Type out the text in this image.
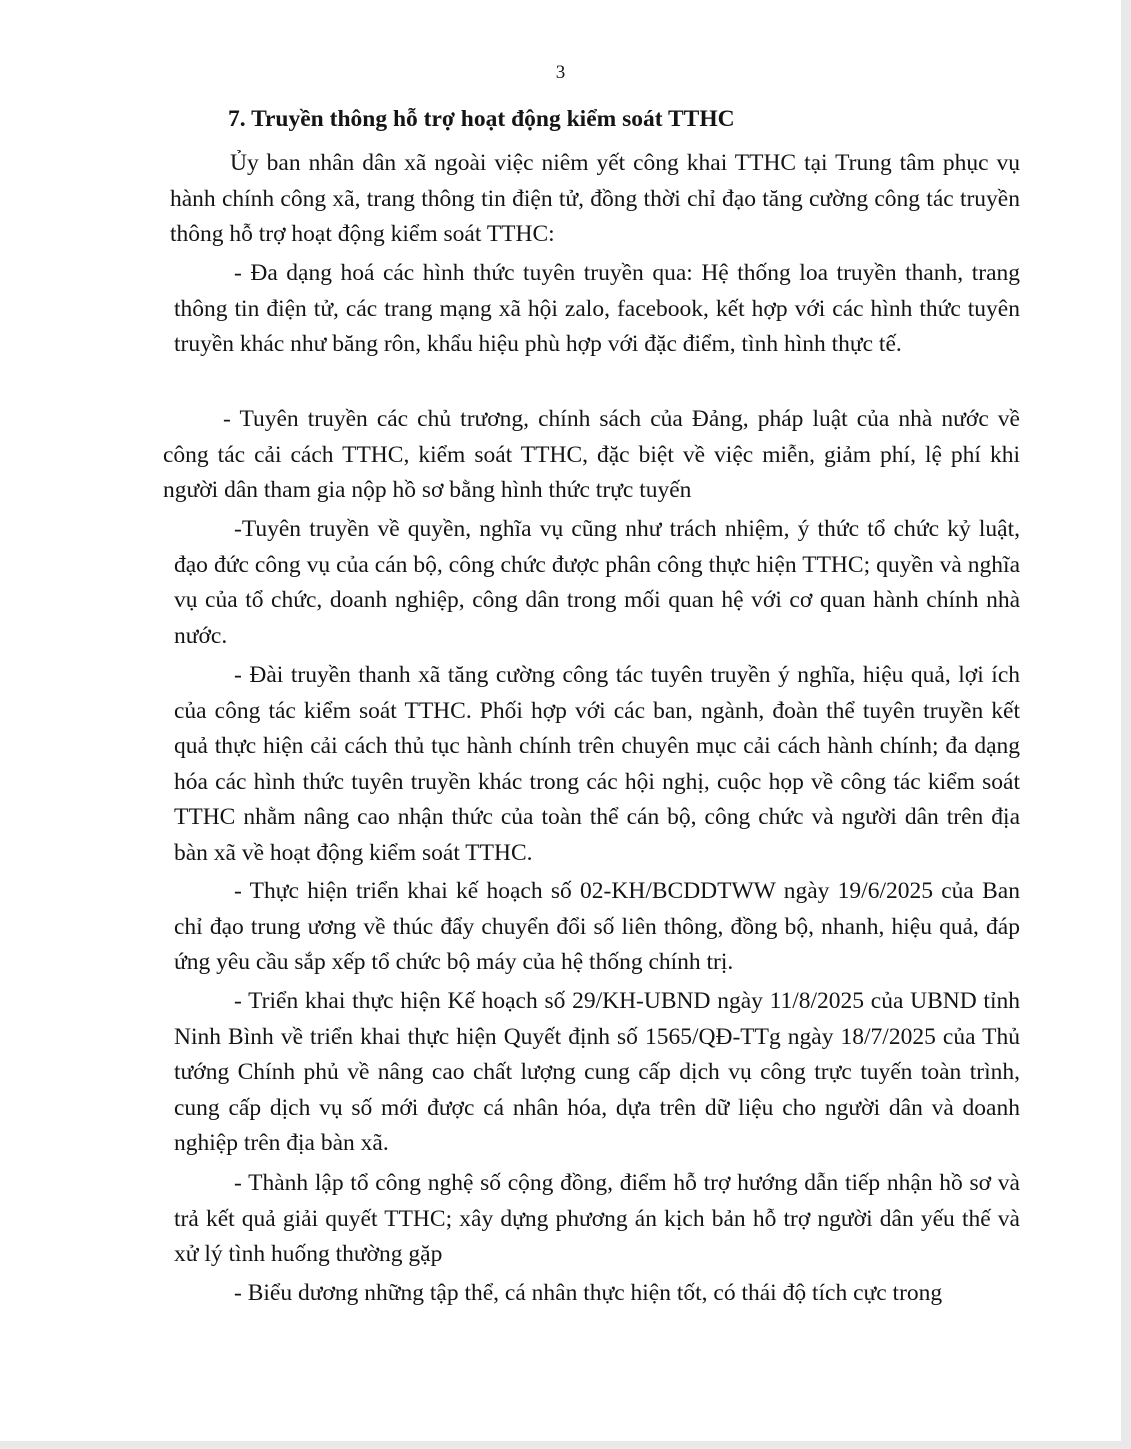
3
7. Truyền thông hỗ trợ hoạt động kiểm soát TTHC

Ủy ban nhân dân xã ngoài việc niêm yết công khai TTHC tại Trung tâm phục vụ hành chính công xã, trang thông tin điện tử, đồng thời chỉ đạo tăng cường công tác truyền thông hỗ trợ hoạt động kiểm soát TTHC:

- Đa dạng hoá các hình thức tuyên truyền qua: Hệ thống loa truyền thanh, trang thông tin điện tử, các trang mạng xã hội zalo, facebook, kết hợp với các hình thức tuyên truyền khác như băng rôn, khẩu hiệu phù hợp với đặc điểm, tình hình thực tế.

- Tuyên truyền các chủ trương, chính sách của Đảng, pháp luật của nhà nước về công tác cải cách TTHC, kiểm soát TTHC, đặc biệt về việc miễn, giảm phí, lệ phí khi người dân tham gia nộp hồ sơ bằng hình thức trực tuyến

-Tuyên truyền về quyền, nghĩa vụ cũng như trách nhiệm, ý thức tổ chức kỷ luật, đạo đức công vụ của cán bộ, công chức được phân công thực hiện TTHC; quyền và nghĩa vụ của tổ chức, doanh nghiệp, công dân trong mối quan hệ với cơ quan hành chính nhà nước.

- Đài truyền thanh xã tăng cường công tác tuyên truyền ý nghĩa, hiệu quả, lợi ích của công tác kiểm soát TTHC. Phối hợp với các ban, ngành, đoàn thể tuyên truyền kết quả thực hiện cải cách thủ tục hành chính trên chuyên mục cải cách hành chính; đa dạng hóa các hình thức tuyên truyền khác trong các hội nghị, cuộc họp về công tác kiểm soát TTHC nhằm nâng cao nhận thức của toàn thể cán bộ, công chức và người dân trên địa bàn xã về hoạt động kiểm soát TTHC.

- Thực hiện triển khai kế hoạch số 02-KH/BCDDTWW ngày 19/6/2025 của Ban chỉ đạo trung ương về thúc đẩy chuyển đổi số liên thông, đồng bộ, nhanh, hiệu quả, đáp ứng yêu cầu sắp xếp tổ chức bộ máy của hệ thống chính trị.

- Triển khai thực hiện Kế hoạch số 29/KH-UBND ngày 11/8/2025 của UBND tỉnh Ninh Bình về triển khai thực hiện Quyết định số 1565/QĐ-TTg ngày 18/7/2025 của Thủ tướng Chính phủ về nâng cao chất lượng cung cấp dịch vụ công trực tuyến toàn trình, cung cấp dịch vụ số mới được cá nhân hóa, dựa trên dữ liệu cho người dân và doanh nghiệp trên địa bàn xã.

- Thành lập tổ công nghệ số cộng đồng, điểm hỗ trợ hướng dẫn tiếp nhận hồ sơ và trả kết quả giải quyết TTHC; xây dựng phương án kịch bản hỗ trợ người dân yếu thế và xử lý tình huống thường gặp

- Biểu dương những tập thể, cá nhân thực hiện tốt, có thái độ tích cực trong
